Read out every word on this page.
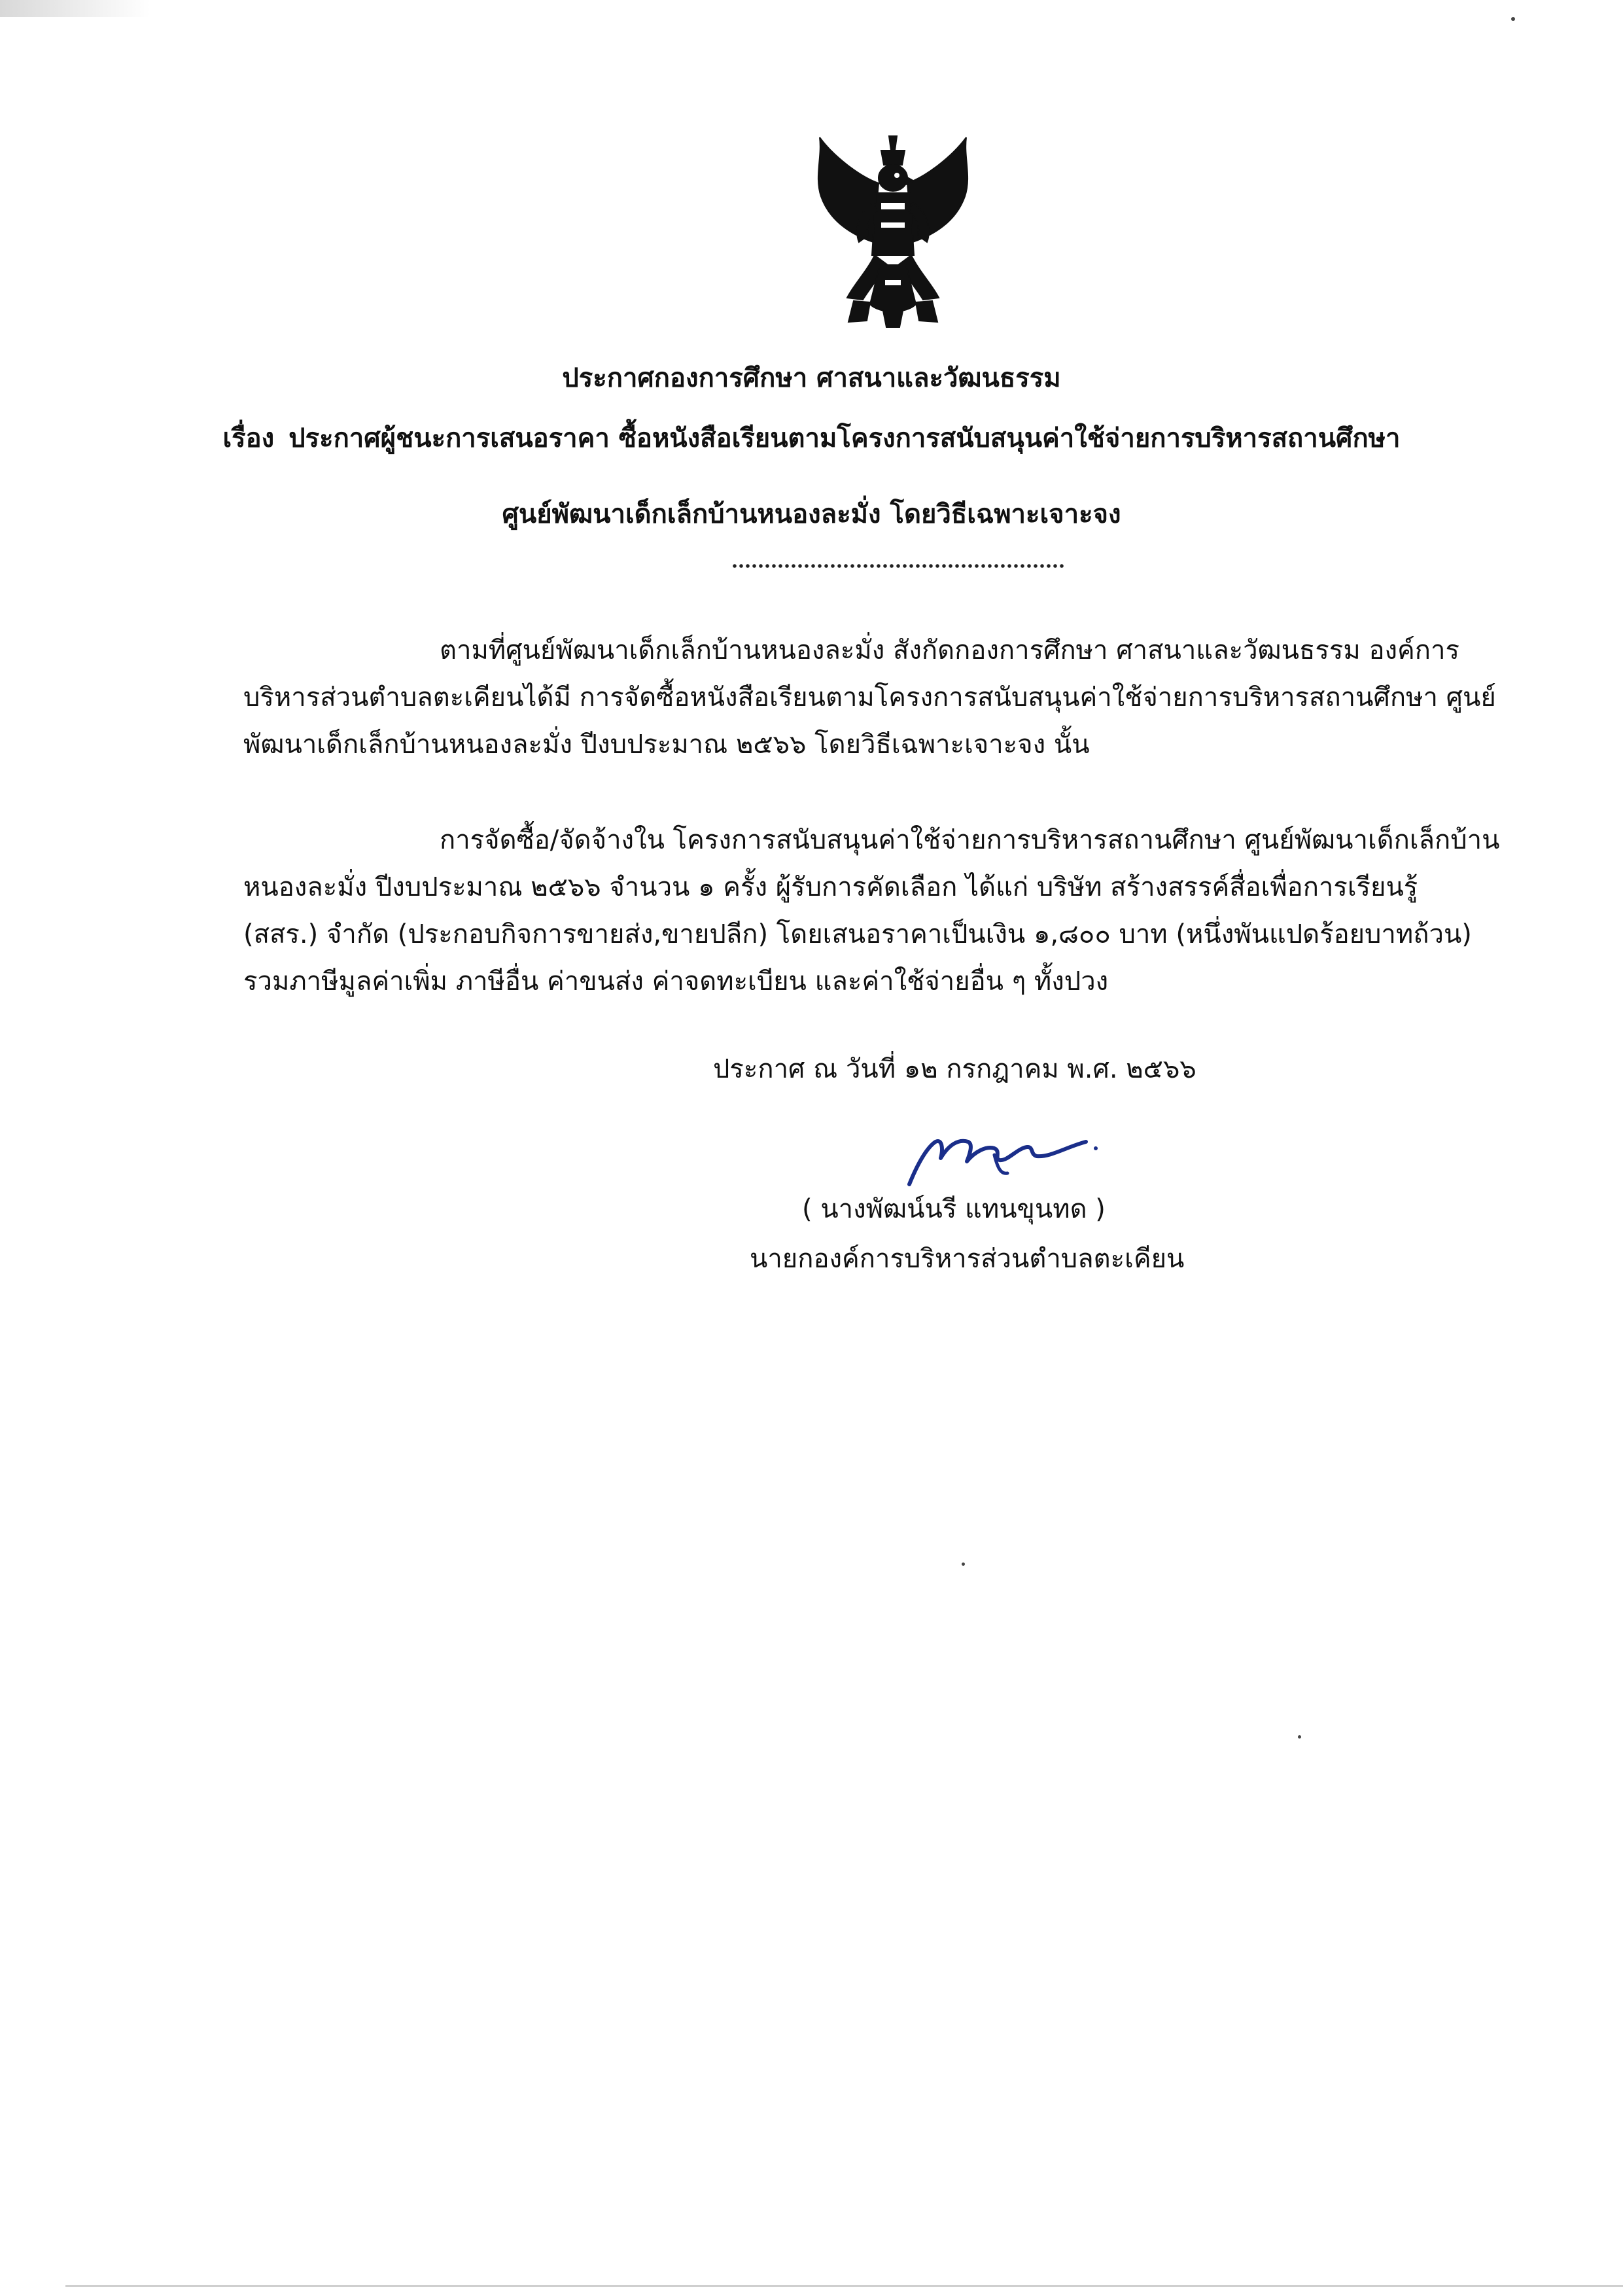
ประกาศกองการศึกษา ศาสนาและวัฒนธรรม
เรื่อง ประกาศผู้ชนะการเสนอราคา ซื้อหนังสือเรียนตามโครงการสนับสนุนค่าใช้จ่ายการบริหารสถานศึกษา
ศูนย์พัฒนาเด็กเล็กบ้านหนองละมั่ง โดยวิธีเฉพาะเจาะจง
ตามที่ศูนย์พัฒนาเด็กเล็กบ้านหนองละมั่ง สังกัดกองการศึกษา ศาสนาและวัฒนธรรม องค์การ
บริหารส่วนตำบลตะเคียนได้มี การจัดซื้อหนังสือเรียนตามโครงการสนับสนุนค่าใช้จ่ายการบริหารสถานศึกษา ศูนย์
พัฒนาเด็กเล็กบ้านหนองละมั่ง ปีงบประมาณ ๒๕๖๖ โดยวิธีเฉพาะเจาะจง นั้น
การจัดซื้อ/จัดจ้างใน โครงการสนับสนุนค่าใช้จ่ายการบริหารสถานศึกษา ศูนย์พัฒนาเด็กเล็กบ้าน
หนองละมั่ง ปีงบประมาณ ๒๕๖๖ จำนวน ๑ ครั้ง ผู้รับการคัดเลือก ได้แก่ บริษัท สร้างสรรค์สื่อเพื่อการเรียนรู้
(สสร.) จำกัด (ประกอบกิจการขายส่ง,ขายปลีก) โดยเสนอราคาเป็นเงิน ๑,๘๐๐ บาท (หนึ่งพันแปดร้อยบาทถ้วน)
รวมภาษีมูลค่าเพิ่ม ภาษีอื่น ค่าขนส่ง ค่าจดทะเบียน และค่าใช้จ่ายอื่น ๆ ทั้งปวง
ประกาศ ณ วันที่ ๑๒ กรกฎาคม พ.ศ. ๒๕๖๖
( นางพัฒน์นรี แทนขุนทด )
นายกองค์การบริหารส่วนตำบลตะเคียน
